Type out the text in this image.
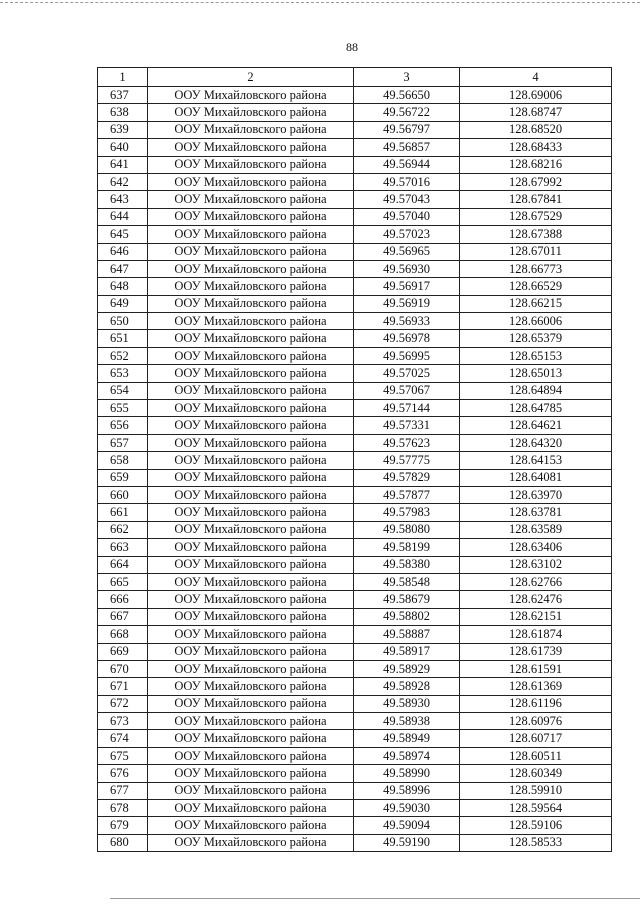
88
1	2	3	4
637	ООУ Михайловского района	49.56650	128.69006
638	ООУ Михайловского района	49.56722	128.68747
639	ООУ Михайловского района	49.56797	128.68520
640	ООУ Михайловского района	49.56857	128.68433
641	ООУ Михайловского района	49.56944	128.68216
642	ООУ Михайловского района	49.57016	128.67992
643	ООУ Михайловского района	49.57043	128.67841
644	ООУ Михайловского района	49.57040	128.67529
645	ООУ Михайловского района	49.57023	128.67388
646	ООУ Михайловского района	49.56965	128.67011
647	ООУ Михайловского района	49.56930	128.66773
648	ООУ Михайловского района	49.56917	128.66529
649	ООУ Михайловского района	49.56919	128.66215
650	ООУ Михайловского района	49.56933	128.66006
651	ООУ Михайловского района	49.56978	128.65379
652	ООУ Михайловского района	49.56995	128.65153
653	ООУ Михайловского района	49.57025	128.65013
654	ООУ Михайловского района	49.57067	128.64894
655	ООУ Михайловского района	49.57144	128.64785
656	ООУ Михайловского района	49.57331	128.64621
657	ООУ Михайловского района	49.57623	128.64320
658	ООУ Михайловского района	49.57775	128.64153
659	ООУ Михайловского района	49.57829	128.64081
660	ООУ Михайловского района	49.57877	128.63970
661	ООУ Михайловского района	49.57983	128.63781
662	ООУ Михайловского района	49.58080	128.63589
663	ООУ Михайловского района	49.58199	128.63406
664	ООУ Михайловского района	49.58380	128.63102
665	ООУ Михайловского района	49.58548	128.62766
666	ООУ Михайловского района	49.58679	128.62476
667	ООУ Михайловского района	49.58802	128.62151
668	ООУ Михайловского района	49.58887	128.61874
669	ООУ Михайловского района	49.58917	128.61739
670	ООУ Михайловского района	49.58929	128.61591
671	ООУ Михайловского района	49.58928	128.61369
672	ООУ Михайловского района	49.58930	128.61196
673	ООУ Михайловского района	49.58938	128.60976
674	ООУ Михайловского района	49.58949	128.60717
675	ООУ Михайловского района	49.58974	128.60511
676	ООУ Михайловского района	49.58990	128.60349
677	ООУ Михайловского района	49.58996	128.59910
678	ООУ Михайловского района	49.59030	128.59564
679	ООУ Михайловского района	49.59094	128.59106
680	ООУ Михайловского района	49.59190	128.58533
